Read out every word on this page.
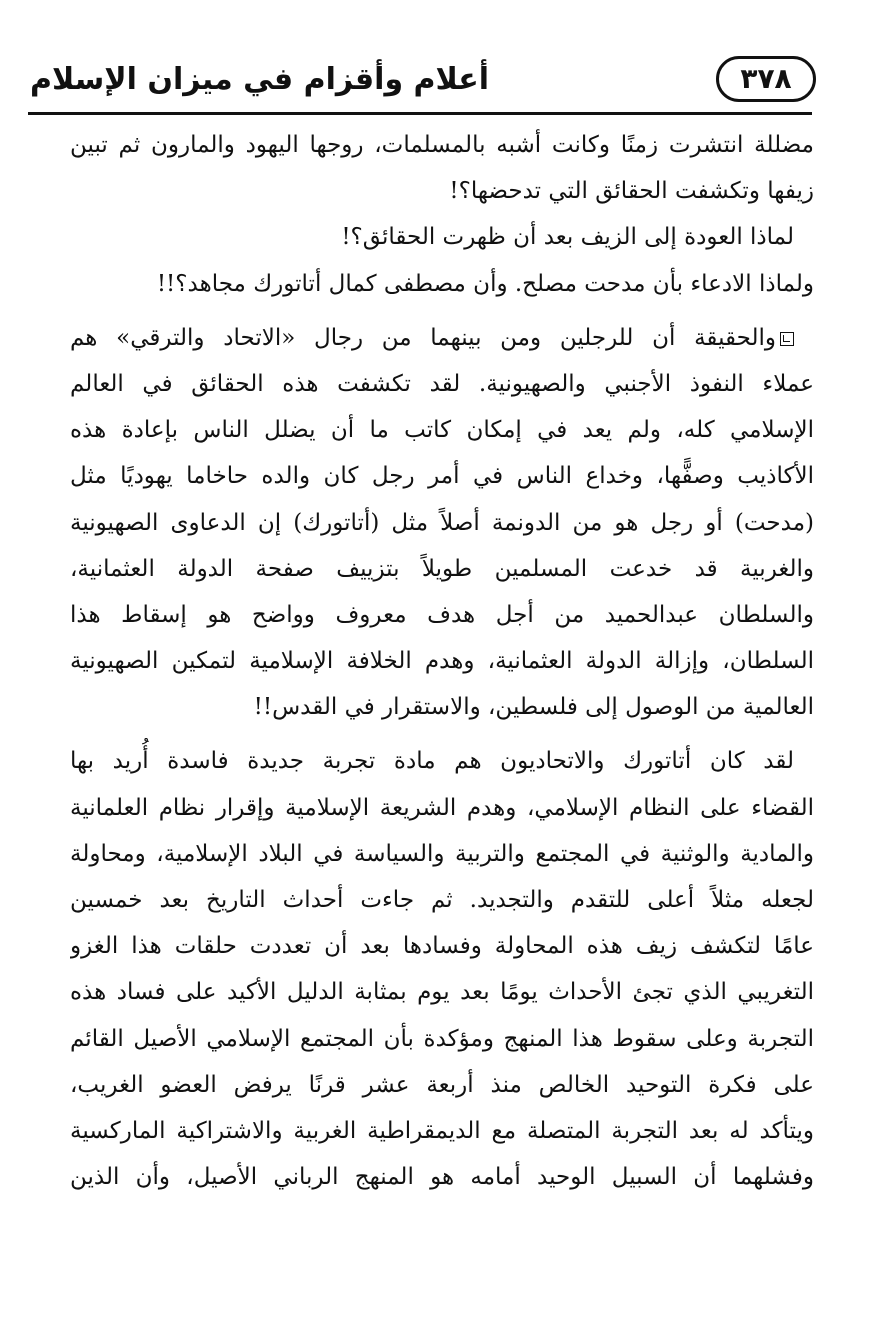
أعلام وأقزام في ميزان الإسلام	٣٧٨
مضللة انتشرت زمنًا وكانت أشبه بالمسلمات، روجها اليهود والمارون ثم تبين
زيفها وتكشفت الحقائق التي تدحضها؟!
لماذا العودة إلى الزيف بعد أن ظهرت الحقائق؟!
ولماذا الادعاء بأن مدحت مصلح. وأن مصطفى كمال أتاتورك مجاهد؟!!
والحقيقة أن للرجلين ومن بينهما من رجال «الاتحاد والترقي» هم
عملاء النفوذ الأجنبي والصهيونية. لقد تكشفت هذه الحقائق في العالم
الإسلامي كله، ولم يعد في إمكان كاتب ما أن يضلل الناس بإعادة هذه
الأكاذيب وصفًّها، وخداع الناس في أمر رجل كان والده حاخاما يهوديًا مثل
(مدحت) أو رجل هو من الدونمة أصلاً مثل (أتاتورك) إن الدعاوى الصهيونية
والغربية قد خدعت المسلمين طويلاً بتزييف صفحة الدولة العثمانية،
والسلطان عبدالحميد من أجل هدف معروف وواضح هو إسقاط هذا
السلطان، وإزالة الدولة العثمانية، وهدم الخلافة الإسلامية لتمكين الصهيونية
العالمية من الوصول إلى فلسطين، والاستقرار في القدس!!
لقد كان أتاتورك والاتحاديون هم مادة تجربة جديدة فاسدة أُريد بها
القضاء على النظام الإسلامي، وهدم الشريعة الإسلامية وإقرار نظام العلمانية
والمادية والوثنية في المجتمع والتربية والسياسة في البلاد الإسلامية، ومحاولة
لجعله مثلاً أعلى للتقدم والتجديد. ثم جاءت أحداث التاريخ بعد خمسين
عامًا لتكشف زيف هذه المحاولة وفسادها بعد أن تعددت حلقات هذا الغزو
التغريبي الذي تجئ الأحداث يومًا بعد يوم بمثابة الدليل الأكيد على فساد هذه
التجربة وعلى سقوط هذا المنهج ومؤكدة بأن المجتمع الإسلامي الأصيل القائم
على فكرة التوحيد الخالص منذ أربعة عشر قرنًا يرفض العضو الغريب،
ويتأكد له بعد التجربة المتصلة مع الديمقراطية الغربية والاشتراكية الماركسية
وفشلهما أن السبيل الوحيد أمامه هو المنهج الرباني الأصيل، وأن الذين
